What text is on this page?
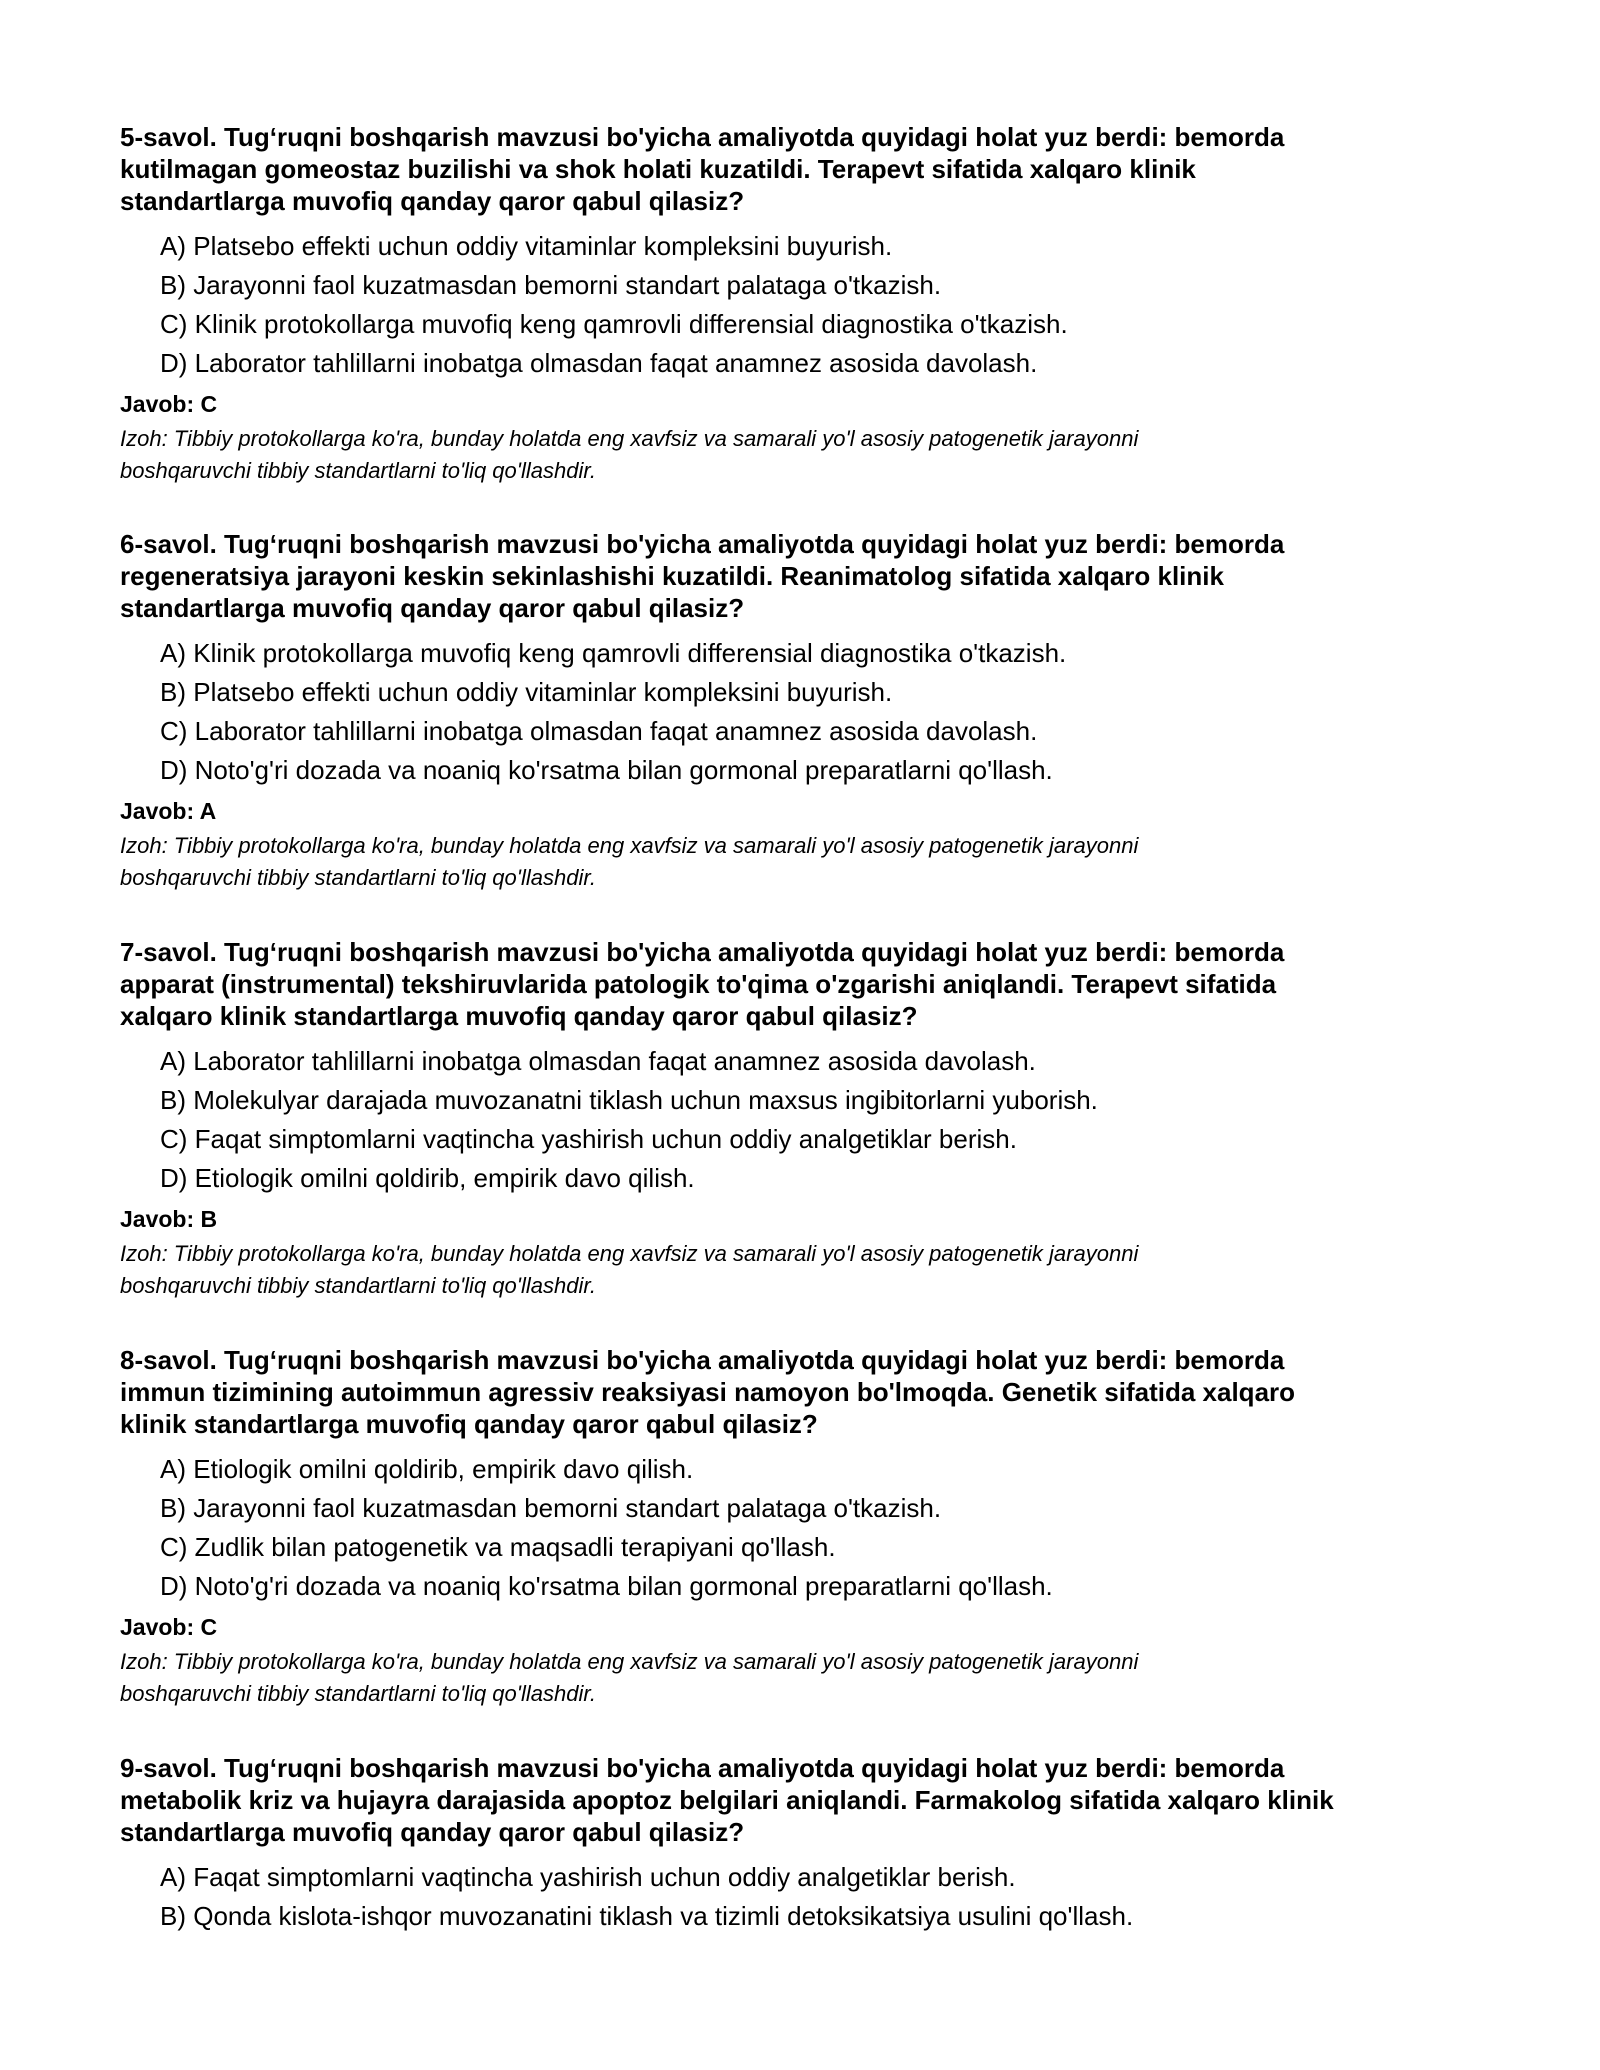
5-savol. Tug‘ruqni boshqarish mavzusi bo'yicha amaliyotda quyidagi holat yuz berdi: bemorda
kutilmagan gomeostaz buzilishi va shok holati kuzatildi. Terapevt sifatida xalqaro klinik
standartlarga muvofiq qanday qaror qabul qilasiz?

A) Platsebo effekti uchun oddiy vitaminlar kompleksini buyurish.
B) Jarayonni faol kuzatmasdan bemorni standart palataga o'tkazish.
C) Klinik protokollarga muvofiq keng qamrovli differensial diagnostika o'tkazish.
D) Laborator tahlillarni inobatga olmasdan faqat anamnez asosida davolash.

Javob: C

Izoh: Tibbiy protokollarga ko'ra, bunday holatda eng xavfsiz va samarali yo'l asosiy patogenetik jarayonni
boshqaruvchi tibbiy standartlarni to'liq qo'llashdir.

6-savol. Tug‘ruqni boshqarish mavzusi bo'yicha amaliyotda quyidagi holat yuz berdi: bemorda
regeneratsiya jarayoni keskin sekinlashishi kuzatildi. Reanimatolog sifatida xalqaro klinik
standartlarga muvofiq qanday qaror qabul qilasiz?

A) Klinik protokollarga muvofiq keng qamrovli differensial diagnostika o'tkazish.
B) Platsebo effekti uchun oddiy vitaminlar kompleksini buyurish.
C) Laborator tahlillarni inobatga olmasdan faqat anamnez asosida davolash.
D) Noto'g'ri dozada va noaniq ko'rsatma bilan gormonal preparatlarni qo'llash.

Javob: A

Izoh: Tibbiy protokollarga ko'ra, bunday holatda eng xavfsiz va samarali yo'l asosiy patogenetik jarayonni
boshqaruvchi tibbiy standartlarni to'liq qo'llashdir.

7-savol. Tug‘ruqni boshqarish mavzusi bo'yicha amaliyotda quyidagi holat yuz berdi: bemorda
apparat (instrumental) tekshiruvlarida patologik to'qima o'zgarishi aniqlandi. Terapevt sifatida
xalqaro klinik standartlarga muvofiq qanday qaror qabul qilasiz?

A) Laborator tahlillarni inobatga olmasdan faqat anamnez asosida davolash.
B) Molekulyar darajada muvozanatni tiklash uchun maxsus ingibitorlarni yuborish.
C) Faqat simptomlarni vaqtincha yashirish uchun oddiy analgetiklar berish.
D) Etiologik omilni qoldirib, empirik davo qilish.

Javob: B

Izoh: Tibbiy protokollarga ko'ra, bunday holatda eng xavfsiz va samarali yo'l asosiy patogenetik jarayonni
boshqaruvchi tibbiy standartlarni to'liq qo'llashdir.

8-savol. Tug‘ruqni boshqarish mavzusi bo'yicha amaliyotda quyidagi holat yuz berdi: bemorda
immun tizimining autoimmun agressiv reaksiyasi namoyon bo'lmoqda. Genetik sifatida xalqaro
klinik standartlarga muvofiq qanday qaror qabul qilasiz?

A) Etiologik omilni qoldirib, empirik davo qilish.
B) Jarayonni faol kuzatmasdan bemorni standart palataga o'tkazish.
C) Zudlik bilan patogenetik va maqsadli terapiyani qo'llash.
D) Noto'g'ri dozada va noaniq ko'rsatma bilan gormonal preparatlarni qo'llash.

Javob: C

Izoh: Tibbiy protokollarga ko'ra, bunday holatda eng xavfsiz va samarali yo'l asosiy patogenetik jarayonni
boshqaruvchi tibbiy standartlarni to'liq qo'llashdir.

9-savol. Tug‘ruqni boshqarish mavzusi bo'yicha amaliyotda quyidagi holat yuz berdi: bemorda
metabolik kriz va hujayra darajasida apoptoz belgilari aniqlandi. Farmakolog sifatida xalqaro klinik
standartlarga muvofiq qanday qaror qabul qilasiz?

A) Faqat simptomlarni vaqtincha yashirish uchun oddiy analgetiklar berish.
B) Qonda kislota-ishqor muvozanatini tiklash va tizimli detoksikatsiya usulini qo'llash.
